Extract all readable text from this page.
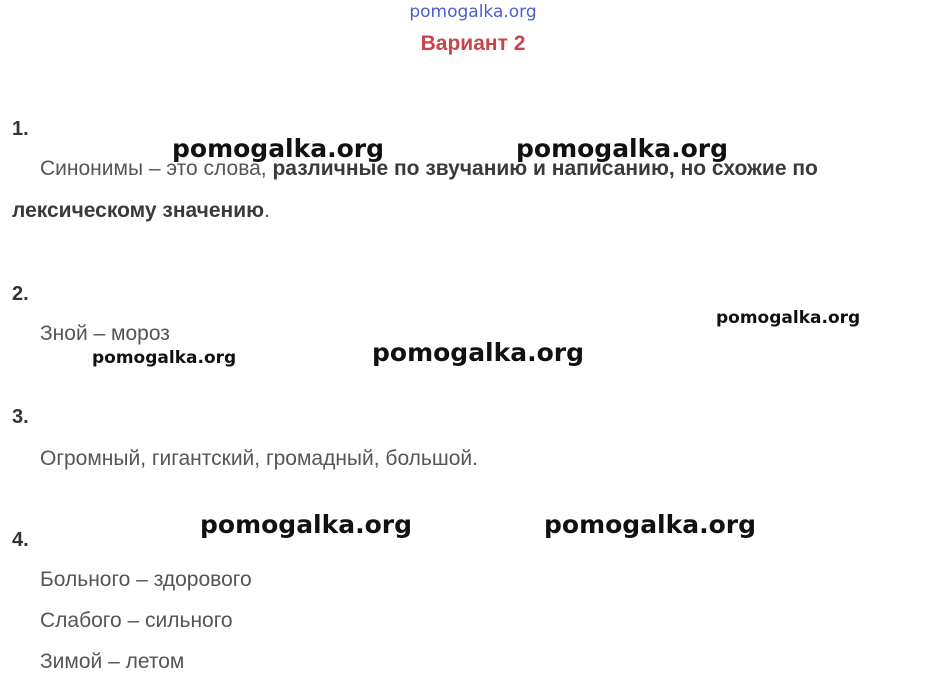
pomogalka.org
Вариант 2
1.
Синонимы – это слова, различные по звучанию и написанию, но схожие по
лексическому значению.
2.
Зной – мороз
3.
Огромный, гигантский, громадный, большой.
4.
Больного – здорового
Слабого – сильного
Зимой – летом
pomogalka.org	pomogalka.org
pomogalka.org
pomogalka.org	pomogalka.org
pomogalka.org	pomogalka.org
